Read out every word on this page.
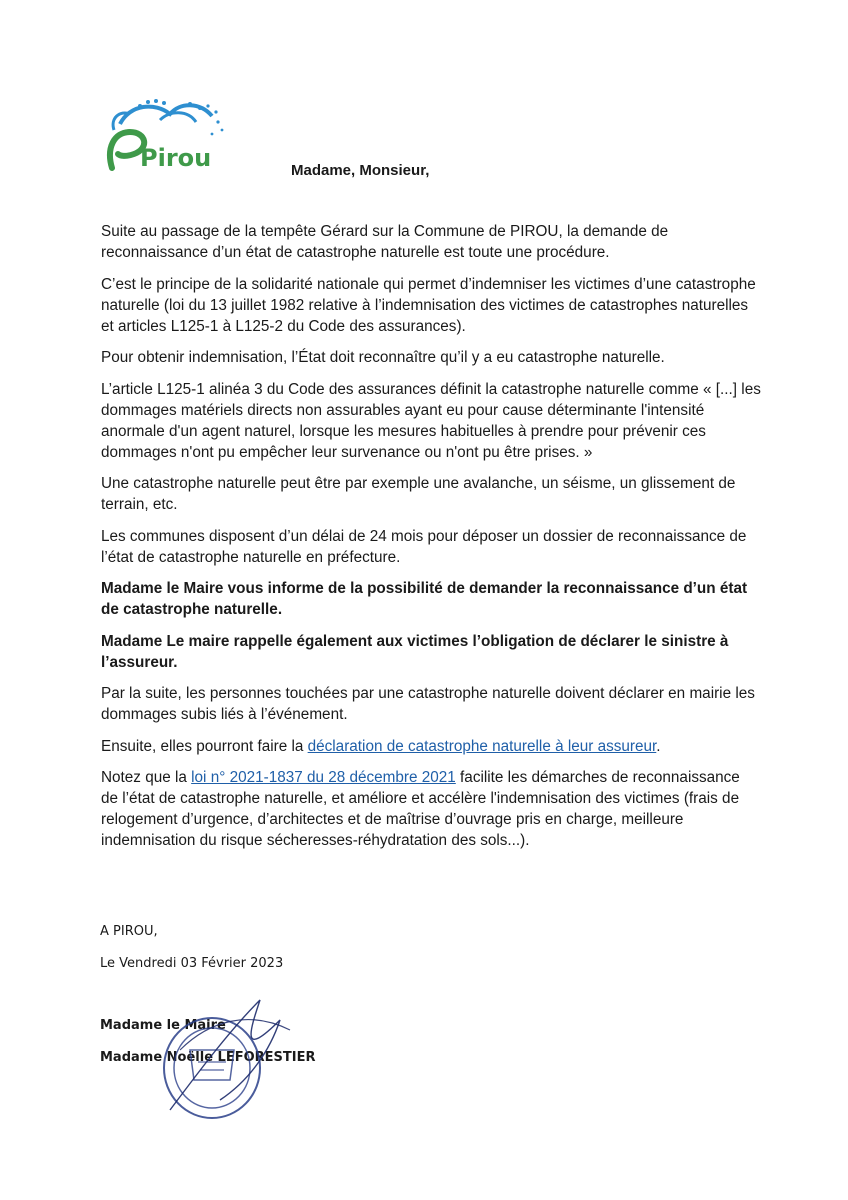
Pirou	Madame, Monsieur,

Suite au passage de la tempête Gérard sur la Commune de PIROU, la demande de reconnaissance d’un état de catastrophe naturelle est toute une procédure.

C’est le principe de la solidarité nationale qui permet d’indemniser les victimes d’une catastrophe naturelle (loi du 13 juillet 1982 relative à l’indemnisation des victimes de catastrophes naturelles et articles L125-1 à L125-2 du Code des assurances).

Pour obtenir indemnisation, l’État doit reconnaître qu’il y a eu catastrophe naturelle.

L’article L125-1 alinéa 3 du Code des assurances définit la catastrophe naturelle comme « [...] les dommages matériels directs non assurables ayant eu pour cause déterminante l'intensité anormale d'un agent naturel, lorsque les mesures habituelles à prendre pour prévenir ces dommages n'ont pu empêcher leur survenance ou n'ont pu être prises. »

Une catastrophe naturelle peut être par exemple une avalanche, un séisme, un glissement de terrain, etc.

Les communes disposent d’un délai de 24 mois pour déposer un dossier de reconnaissance de l’état de catastrophe naturelle en préfecture.

Madame le Maire vous informe de la possibilité de demander la reconnaissance d’un état de catastrophe naturelle.

Madame Le maire rappelle également aux victimes l’obligation de déclarer le sinistre à l’assureur.

Par la suite, les personnes touchées par une catastrophe naturelle doivent déclarer en mairie les dommages subis liés à l’événement.

Ensuite, elles pourront faire la déclaration de catastrophe naturelle à leur assureur.

Notez que la loi n° 2021-1837 du 28 décembre 2021 facilite les démarches de reconnaissance de l’état de catastrophe naturelle, et améliore et accélère l'indemnisation des victimes (frais de relogement d’urgence, d’architectes et de maîtrise d’ouvrage pris en charge, meilleure indemnisation du risque sécheresses-réhydratation des sols...).

A PIROU,
Le Vendredi 03 Février 2023
Madame le Maire
Madame Noëlle LEFORESTIER
